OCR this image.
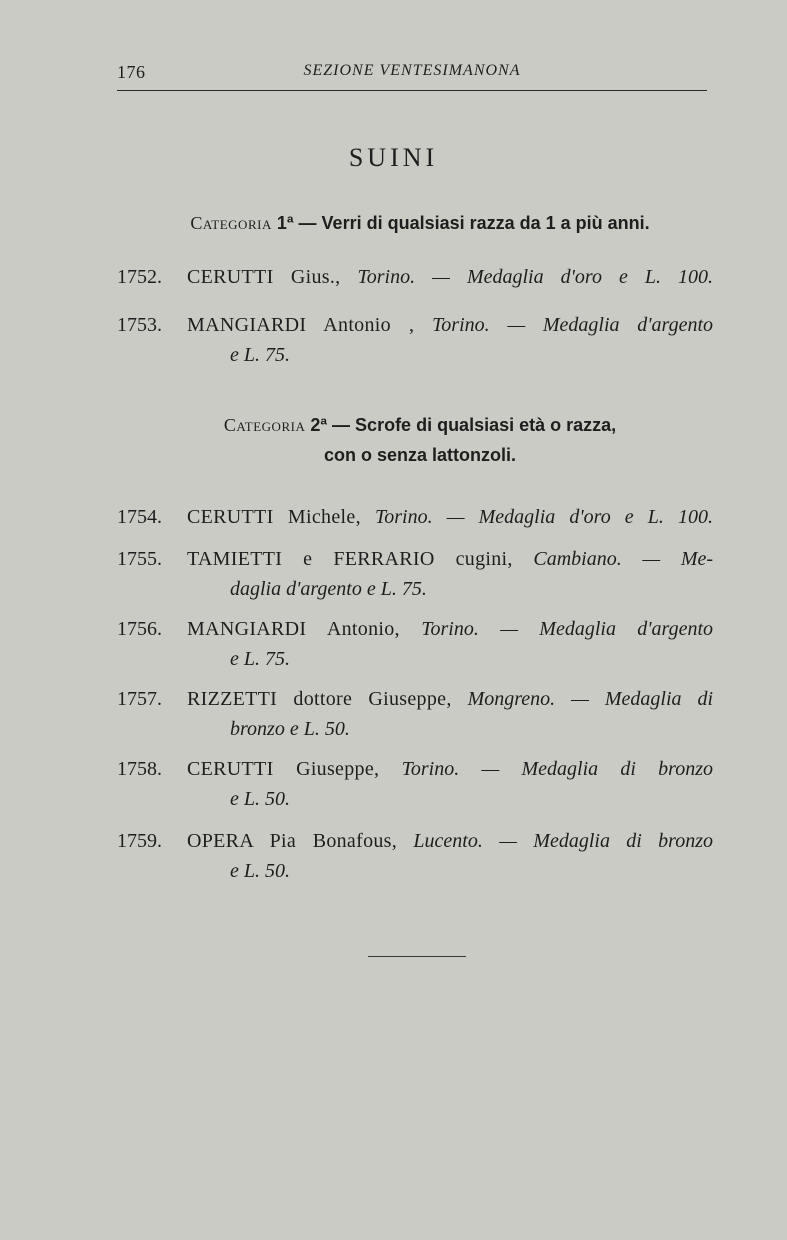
176	SEZIONE VENTESIMANONA
SUINI
Categoria 1ª — Verri di qualsiasi razza da 1 a più anni.
1752. CERUTTI Gius., Torino. — Medaglia d'oro e L. 100.
1753. MANGIARDI Antonio , Torino. — Medaglia d'argento
e L. 75.
Categoria 2ª — Scrofe di qualsiasi età o razza,
con o senza lattonzoli.
1754. CERUTTI Michele, Torino. — Medaglia d'oro e L. 100.
1755. TAMIETTI e FERRARIO cugini, Cambiano. — Me-
daglia d'argento e L. 75.
1756. MANGIARDI Antonio, Torino. — Medaglia d'argento
e L. 75.
1757. RIZZETTI dottore Giuseppe, Mongreno. — Medaglia di
bronzo e L. 50.
1758. CERUTTI Giuseppe, Torino. — Medaglia di bronzo
e L. 50.
1759. OPERA Pia Bonafous, Lucento. — Medaglia di bronzo
e L. 50.
